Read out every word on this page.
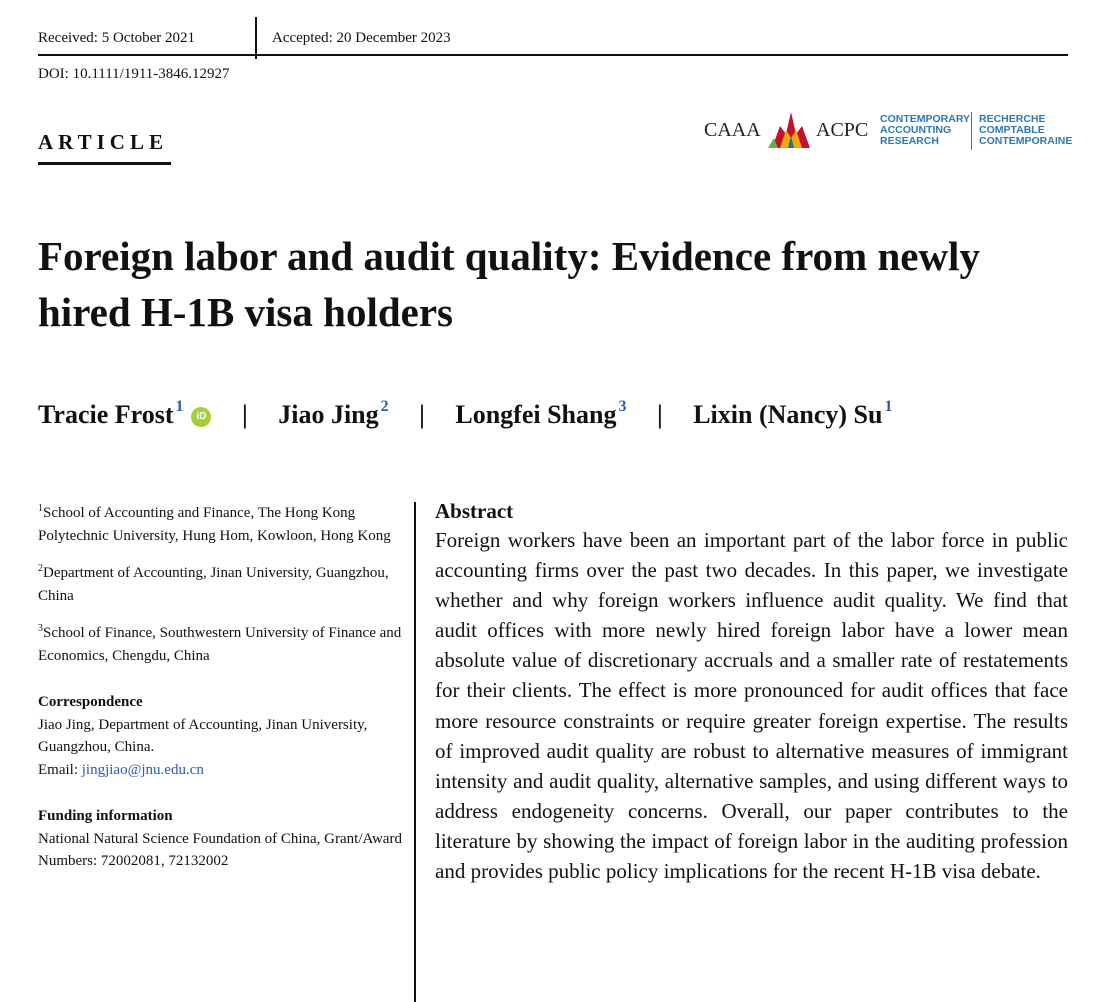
Received: 5 October 2021	Accepted: 20 December 2023
DOI: 10.1111/1911-3846.12927
ARTICLE	CAAA	ACPC CONTEMPORARY
ACCOUNTING
RESEARCH
RECHERCHE
COMPTABLE
CONTEMPORAINE
Foreign labor and audit quality: Evidence from newly hired H-1B visa holders
Tracie Frost $^1$iD | Jiao Jing $^2$ | Longfei Shang $^3$ | Lixin (Nancy) Su $^1$
$^1$School of Accounting and Finance, The Hong Kong Polytechnic University, Hung Hom, Kowloon, Hong Kong
$^2$Department of Accounting, Jinan University, Guangzhou, China
$^3$School of Finance, Southwestern University of Finance and Economics, Chengdu, China
Correspondence
Jiao Jing, Department of Accounting, Jinan University, Guangzhou, China.
Email: jingjiao@jnu.edu.cn
Funding information
National Natural Science Foundation of China, Grant/Award Numbers: 72002081, 72132002
Abstract

Foreign workers have been an important part of the labor force in public accounting firms over the past two decades. In this paper, we investigate whether and why foreign workers influence audit quality. We find that audit offices with more newly hired foreign labor have a lower mean absolute value of discretionary accruals and a smaller rate of restatements for their clients. The effect is more pronounced for audit offices that face more resource constraints or require greater foreign expertise. The results of improved audit quality are robust to alternative measures of immigrant intensity and audit quality, alternative samples, and using different ways to address endogeneity concerns. Overall, our paper contributes to the literature by showing the impact of foreign labor in the auditing profession and provides public policy implications for the recent H-1B visa debate.
